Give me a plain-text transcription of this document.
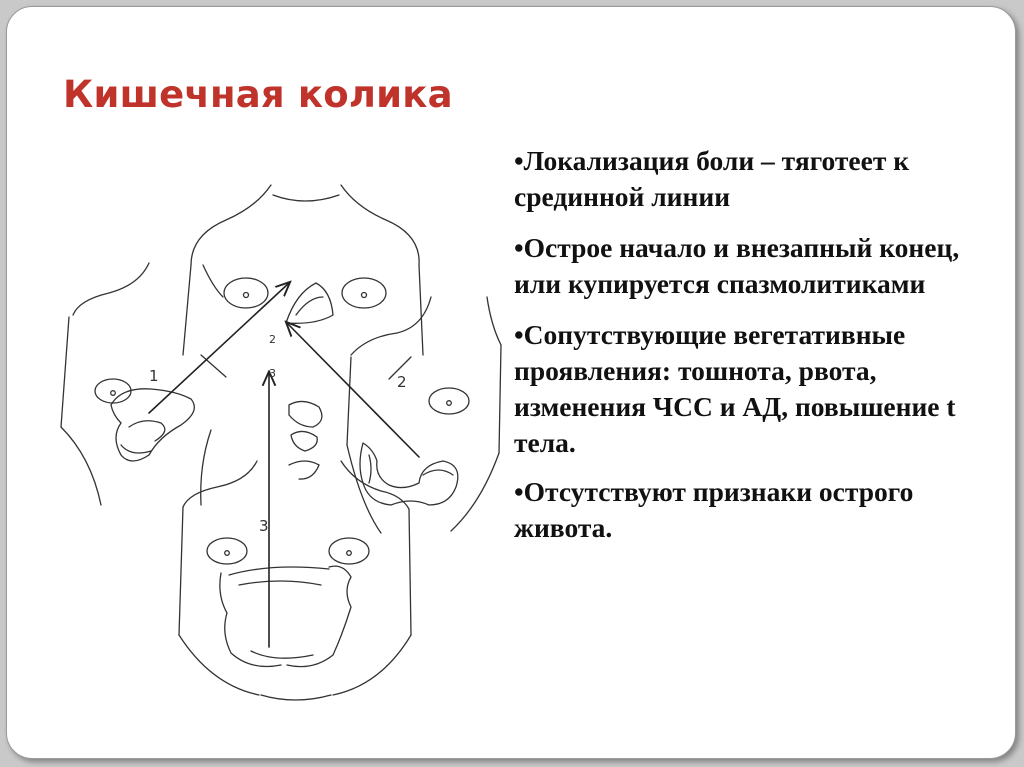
Кишечная колика
1	2
3
2
3
•Локализация боли – тяготеет к срединной линии
•Острое начало и внезапный конец, или купируется спазмолитиками
•Сопутствующие вегетативные проявления: тошнота, рвота, изменения ЧСС и АД, повышение t тела.
•Отсутствуют признаки острого живота.
